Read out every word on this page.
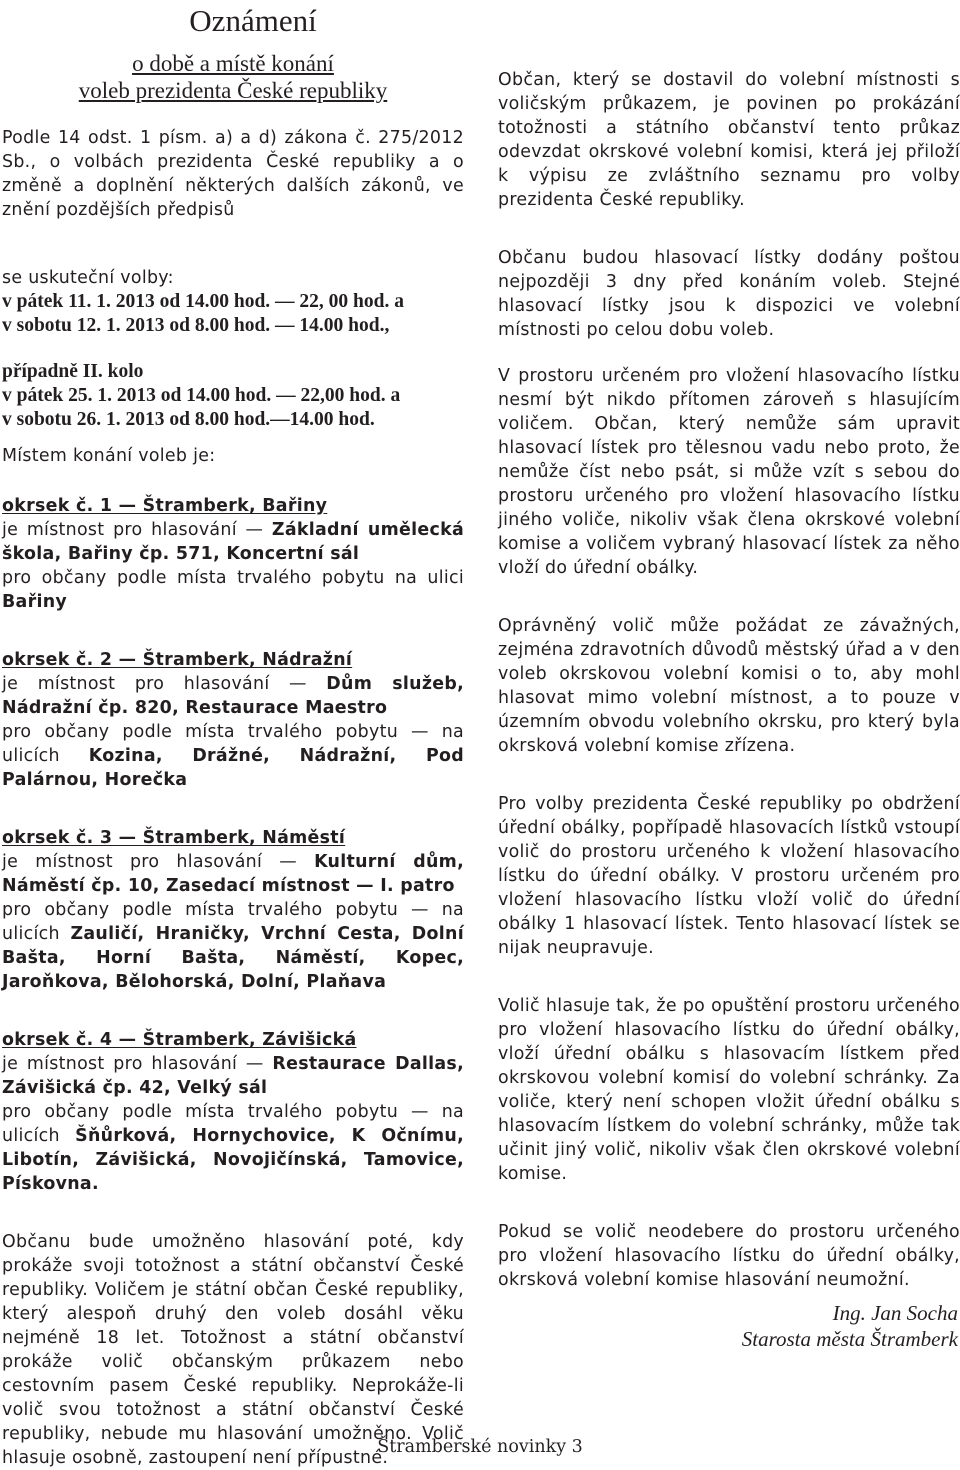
Oznámení
o době a místě konání
voleb prezidenta České republiky

Podle 14 odst. 1 písm. a) a d) zákona č. 275/2012 Sb., o volbách prezidenta České republiky a o změně a doplnění některých dalších zákonů, ve znění pozdějších předpisů

se uskuteční volby:
v pátek 11. 1. 2013 od 14.00 hod. — 22, 00 hod. a
v sobotu 12. 1. 2013 od 8.00 hod. — 14.00 hod.,
případně II. kolo
v pátek 25. 1. 2013 od 14.00 hod. — 22,00 hod. a
v sobotu 26. 1. 2013 od 8.00 hod.—14.00 hod.
Místem konání voleb je:
okrsek č. 1 — Štramberk, Bařiny

je místnost pro hlasování — Základní umělecká škola, Bařiny čp. 571, Koncertní sál

pro občany podle místa trvalého pobytu na ulici Bařiny

okrsek č. 2 — Štramberk, Nádražní

je místnost pro hlasování — Dům služeb, Nádražní čp. 820, Restaurace Maestro

pro občany podle místa trvalého pobytu — na ulicích Kozina, Drážné, Nádražní, Pod Palárnou, Horečka

okrsek č. 3 — Štramberk, Náměstí

je místnost pro hlasování — Kulturní dům, Náměstí čp. 10, Zasedací místnost — I. patro

pro občany podle místa trvalého pobytu — na ulicích Zauličí, Hraničky, Vrchní Cesta, Dolní Bašta, Horní Bašta, Náměstí, Kopec, Jaroňkova, Bělohorská, Dolní, Plaňava

okrsek č. 4 — Štramberk, Závišická

je místnost pro hlasování — Restaurace Dallas, Závišická čp. 42, Velký sál

pro občany podle místa trvalého pobytu — na ulicích Šňůrková, Hornychovice, K Očnímu, Libotín, Závišická, Novojičínská, Tamovice, Pískovna.

Občanu bude umožněno hlasování poté, kdy prokáže svoji totožnost a státní občanství České republiky. Voličem je státní občan České republiky, který alespoň druhý den voleb dosáhl věku nejméně 18 let. Totožnost a státní občanství prokáže volič občanským průkazem nebo cestovním pasem České republiky. Neprokáže-li volič svou totožnost a státní občanství České republiky, nebude mu hlasování umožněno. Volič hlasuje osobně, zastoupení není přípustné.

Občan, který se dostavil do volební místnosti s voličským průkazem, je povinen po prokázání totožnosti a státního občanství tento průkaz odevzdat okrskové volební komisi, která jej přiloží k výpisu ze zvláštního seznamu pro volby prezidenta České republiky.

Občanu budou hlasovací lístky dodány poštou nejpozději 3 dny před konáním voleb. Stejné hlasovací lístky jsou k dispozici ve volební místnosti po celou dobu voleb.

V prostoru určeném pro vložení hlasovacího lístku nesmí být nikdo přítomen zároveň s hlasujícím voličem. Občan, který nemůže sám upravit hlasovací lístek pro tělesnou vadu nebo proto, že nemůže číst nebo psát, si může vzít s sebou do prostoru určeného pro vložení hlasovacího lístku jiného voliče, nikoliv však člena okrskové volební komise a voličem vybraný hlasovací lístek za něho vloží do úřední obálky.

Oprávněný volič může požádat ze závažných, zejména zdravotních důvodů městský úřad a v den voleb okrskovou volební komisi o to, aby mohl hlasovat mimo volební místnost, a to pouze v územním obvodu volebního okrsku, pro který byla okrsková volební komise zřízena.

Pro volby prezidenta České republiky po obdržení úřední obálky, popřípadě hlasovacích lístků vstoupí volič do prostoru určeného k vložení hlasovacího lístku do úřední obálky. V prostoru určeném pro vložení hlasovacího lístku vloží volič do úřední obálky 1 hlasovací lístek. Tento hlasovací lístek se nijak neupravuje.

Volič hlasuje tak, že po opuštění prostoru určeného pro vložení hlasovacího lístku do úřední obálky, vloží úřední obálku s hlasovacím lístkem před okrskovou volební komisí do volební schránky. Za voliče, který není schopen vložit úřední obálku s hlasovacím lístkem do volební schránky, může tak učinit jiný volič, nikoliv však člen okrskové volební komise.

Pokud se volič neodebere do prostoru určeného pro vložení hlasovacího lístku do úřední obálky, okrsková volební komise hlasování neumožní.

Ing. Jan Socha
Starosta města Štramberk
Štramberské novinky 3
